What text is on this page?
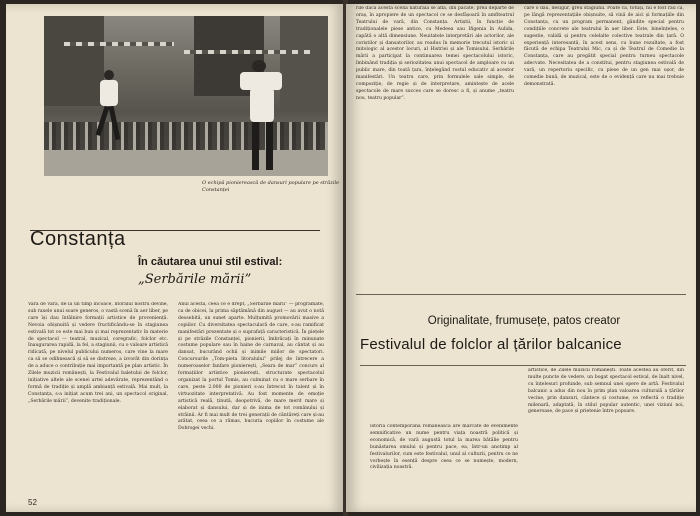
O echipă pionierească de dansuri populare pe străzile Constanței
Constanța
În căutarea unui stil estival:
„Serbările mării”
Vară de vară, de la un timp încoace, litoralul nostru devine, sub raxele unui soare generos, o vastă scenă în aer liber, pe care își dau întâlnire formații artistice de proveniență. Nevoia obișnuită și vedere fructificându-se în stagiunea estivală tot ce este mai bun și mai reprezentativ în materie de spectacol — teatral, muzical, coregrafic, folclor etc. Inaugurarea rapidă, la fel, a stagiunii, cu o valoare artistică ridicată, pe nivelul publicului numeros, care vine la mare ca să se odihnească și să se distreze, a izvorât din dorința de a aduce o contribuție mai importantă pe plan artistic. În Zilele muzicii românești, la Festivalul baletului de folclor, inițiative altele ale scenei artei adevărate, reprezentând o formă de tradiție și amplă ambianță estivală. Mai mult, la Constanța, s-a inițiat acum trei ani, un spectacol original, „Serbările mării”, devenite tradiționale.
Anul acesta, ceea ce e drept, „Serbările mării” — programate, ca de obicei, la prima săptămână din august — au avut o notă deosebită, un sunet aparte. Mulțumită promovării masive a copiilor. Cu diversitatea spectaculară de care, s-au ramificat manifestări prezentate și o suprafață caracteristică. În piețele și pe străzile Constanței, pionierii, îmbrăcați în minunate costume populare sau în haine de carnaval, au cântat și au dansat, bucurând ochii și inimile miilor de spectatori. Concursurile „Tom-pieta litoralului” prilej de întrecere a numeroaselor fanfare pionierești, „Seara de mar” concurs al formațiilor artistice pionierești, structurate spectacolul organizat la portul Tomis, au culminat cu o mare serbare în care, peste 2.000 de pionieri s-au întrecut în talent și în virtuozitate interpretativă. Au fost momente de emoție artistică reală, ținută, deopotrivă, de mare merit mare și elaborat și dansului, dar și de inima de tot românului și străinii. Ar fi mai mult de trei generații de cântăreți care și-au arătat, ceea ce a rămas, bucuria copiilor în costume ale Dobrogei vechi.
52
rile dacă acestă scenă naturală se află, din păcate, prea departe de oraș, în apropiere de un spectacol ce se desfășoară în amfiteatrul Teatrului de vară, din Constanța. Artiștii, în funcție de tradiționalele piese antice, cu Medeea sau Ifigenia în Aulida, capătă o altă dimensiune. Neuitatele interpretări ale actorilor, ale coriștilor și dansatorilor, au readus în memorie trecutul istoric și mitologic al acestor locuri, al Histriei și ale Tomisului. Serbările mării a participat la continuarea temei spectacolului istoric, îmbinând tradiția și seriozitatea unui spectacol de amploare cu un public mare, din toată țara, înțelegând rostul educativ al acestor manifestări. Un teatru care, prin formulele sale simple, de compoziție, de regie și de interpretare, amintește de acele spectacole de mare succes care se doresc a fi, și anume „teatru nou, teatru popular”.
care o dau, desigur, greu stagiunii. Poate că, totuși, nu e fost rău ca, pe lângă reprezentațiile obișnuite, să vină de aici și formațiile din Constanța, cu un program permanent, gândite special pentru condițiile concrete ale teatrului în aer liber. Este, bineînțeles, o sugestie, validă și pentru celelalte colective teatrale din țară. O experiență interesantă, în acest sens, cu bune rezultate, a fost făcută de echipa Teatrului Mic, ca și de Teatrul de Comedie la Constanța, care au pregătit special pentru turneu spectacole adecvate. Necesitatea de a constitui, pentru stagiunea estivală de vară, un repertoriu specific, cu piese de un gen mai ușor, de comedie bună, de muzical, este de o evidență care nu mai trebuie demonstrată.
Originalitate, frumusețe, patos creator
Festivalul de folclor al țărilor balcanice
Istoria contemporană românească are marcate de evenimente semnificative un nume pentru viața noastră politică și economică, de vară augustă totul la marea bătălie pentru bunăstarea omului și pentru pace, ea, într-un anotimp al festivalurilor, cum este festivalul, unul al culturii, pentru ce ne vorbește în esență despre ceea ce se numește, modern, civilizația noastră.
artistice, de Zilele muzicii românești. Toate acestea au oferit, din multe puncte de vedere, un bogat spectacol estival, de înalt nivel, cu înțelesuri profunde, sub semnul unei opere de artă. Festivalul balcanic a adus din nou în prim plan valoarea culturală a țărilor vecine, prin dansuri, cântece și costume, ce reflectă o tradiție milenară, adaptată, în stilul popular autentic, unei viziuni noi, generoase, de pace și prietenie între popoare.
